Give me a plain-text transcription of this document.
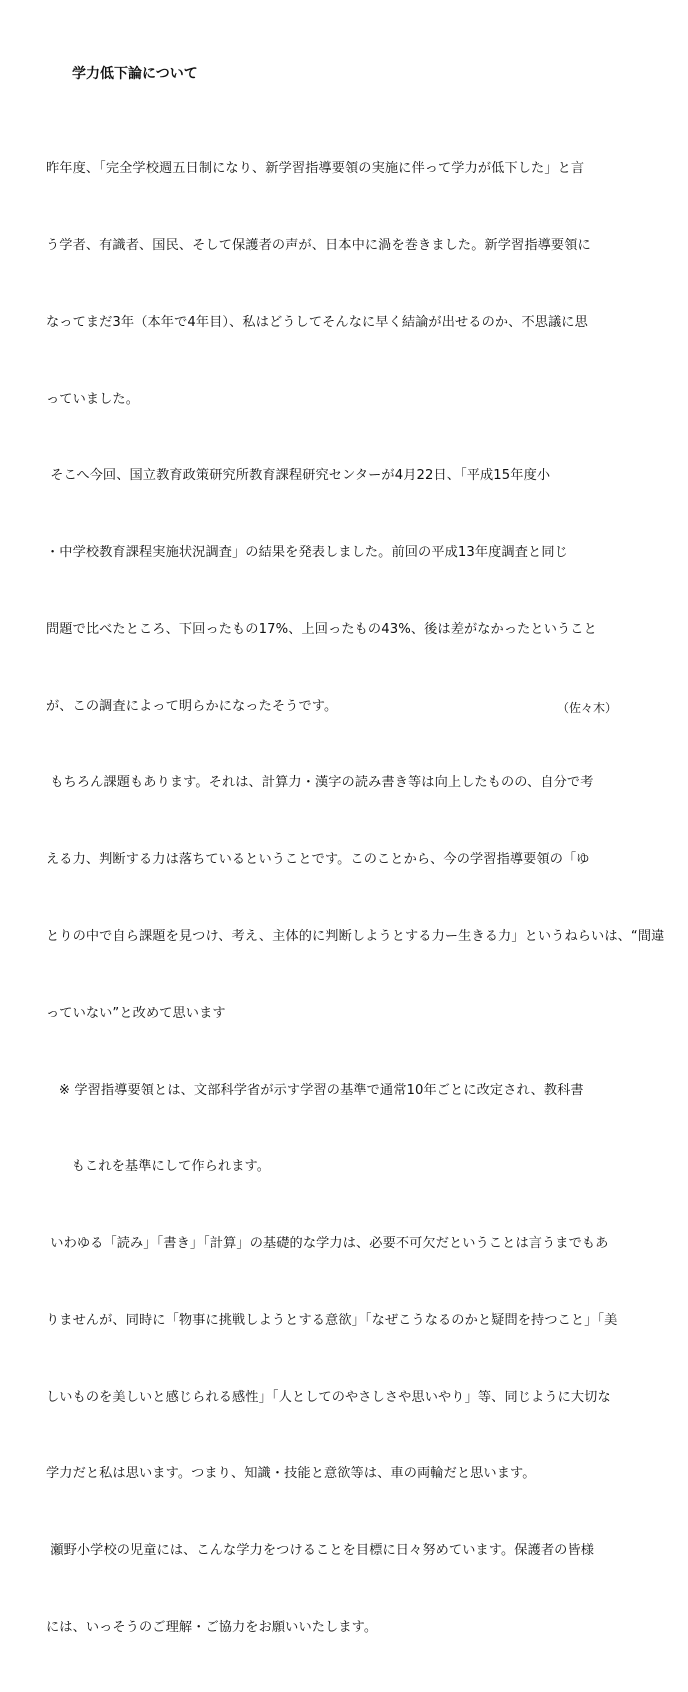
学力低下論について

昨年度、「完全学校週五日制になり、新学習指導要領の実施に伴って学力が低下した」と言

う学者、有識者、国民、そして保護者の声が、日本中に渦を巻きました。新学習指導要領に

なってまだ3年（本年で4年目）、私はどうしてそんなに早く結論が出せるのか、不思議に思

っていました。

そこへ今回、国立教育政策研究所教育課程研究センターが4月22日、「平成15年度小

・中学校教育課程実施状況調査」の結果を発表しました。前回の平成13年度調査と同じ

問題で比べたところ、下回ったもの17%、上回ったもの43%、後は差がなかったということ

が、この調査によって明らかになったそうです。

もちろん課題もあります。それは、計算力・漢字の読み書き等は向上したものの、自分で考

える力、判断する力は落ちているということです。このことから、今の学習指導要領の「ゆ

とりの中で自ら課題を見つけ、考え、主体的に判断しようとする力ー生きる力」というねらいは、“間違

っていない”と改めて思います

※ 学習指導要領とは、文部科学省が示す学習の基準で通常10年ごとに改定され、教科書

もこれを基準にして作られます。

いわゆる「読み」「書き」「計算」の基礎的な学力は、必要不可欠だということは言うまでもあ

りませんが、同時に「物事に挑戦しようとする意欲」「なぜこうなるのかと疑問を持つこと」「美

しいものを美しいと感じられる感性」「人としてのやさしさや思いやり」等、同じように大切な

学力だと私は思います。つまり、知識・技能と意欲等は、車の両輪だと思います。

瀬野小学校の児童には、こんな学力をつけることを目標に日々努めています。保護者の皆様

には、いっそうのご理解・ご協力をお願いいたします。

（佐々木）
